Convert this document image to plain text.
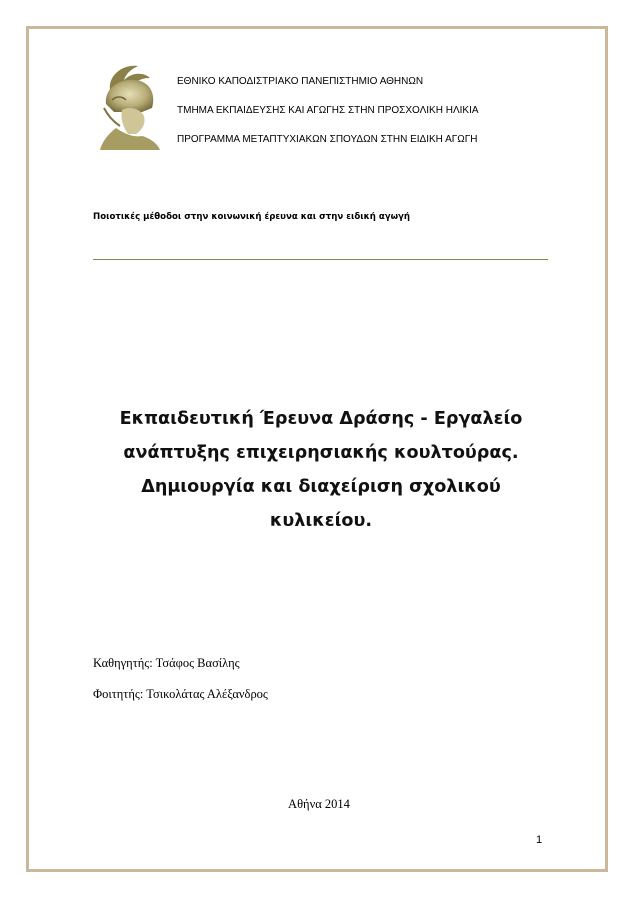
ΕΘΝΙΚΟ ΚΑΠΟΔΙΣΤΡΙΑΚΟ ΠΑΝΕΠΙΣΤΗΜΙΟ ΑΘΗΝΩΝ
ΤΜΗΜΑ ΕΚΠΑΙΔΕΥΣΗΣ ΚΑΙ ΑΓΩΓΗΣ ΣΤΗΝ ΠΡΟΣΧΟΛΙΚΗ ΗΛΙΚΙΑ
ΠΡΟΓΡΑΜΜΑ ΜΕΤΑΠΤΥΧΙΑΚΩΝ ΣΠΟΥΔΩΝ ΣΤΗΝ ΕΙΔΙΚΗ ΑΓΩΓΗ
Ποιοτικές μέθοδοι στην κοινωνική έρευνα και στην ειδική αγωγή
Εκπαιδευτική Έρευνα Δράσης - Εργαλείο
ανάπτυξης επιχειρησιακής κουλτούρας.
Δημιουργία και διαχείριση σχολικού
κυλικείου.
Καθηγητής: Τσάφος Βασίλης
Φοιτητής: Τσικολάτας Αλέξανδρος
Αθήνα 2014
1
